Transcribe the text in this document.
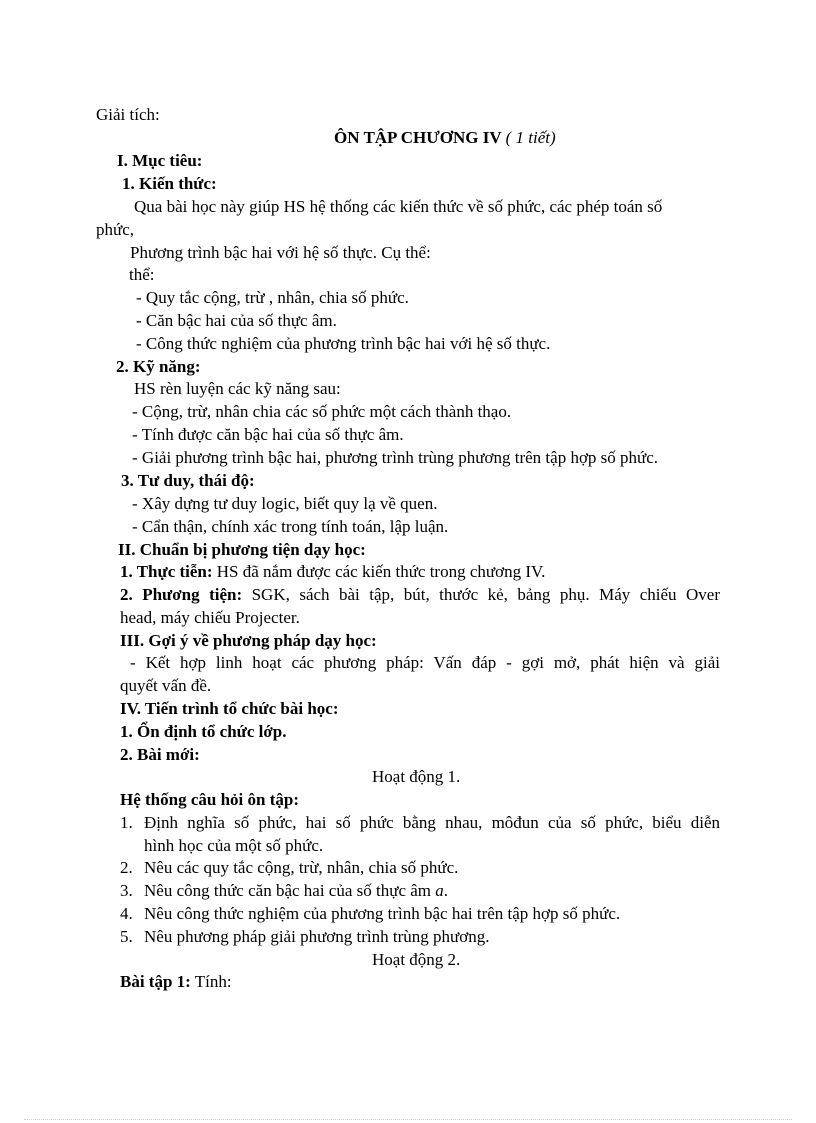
Giải tích:
ÔN TẬP CHƯƠNG IV ( 1 tiết)
I. Mục tiêu:
1. Kiến thức:
Qua bài học này giúp HS hệ thống các kiến thức về số phức, các phép toán số
phức,
Phương trình bậc hai với hệ số thực. Cụ thể:
thể:
- Quy tắc cộng, trừ , nhân, chia số phức.
- Căn bậc hai của số thực âm.
- Công thức nghiệm của phương trình bậc hai với hệ số thực.
2. Kỹ năng:
HS rèn luyện các kỹ năng sau:
- Cộng, trừ, nhân chia các số phức một cách thành thạo.
- Tính được căn bậc hai của số thực âm.
- Giải phương trình bậc hai, phương trình trùng phương trên tập hợp số phức.
3. Tư duy, thái độ:
- Xây dựng tư duy logic, biết quy lạ về quen.
- Cẩn thận, chính xác trong tính toán, lập luận.
II. Chuẩn bị phương tiện dạy học:
1. Thực tiễn: HS đã nắm được các kiến thức trong chương IV.
2. Phương tiện: SGK, sách bài tập, bút, thước kẻ, bảng phụ. Máy chiếu Over
head, máy chiếu Projecter.
III. Gợi ý về phương pháp dạy học:
- Kết hợp linh hoạt các phương pháp: Vấn đáp - gợi mở, phát hiện và giải
quyết vấn đề.
IV. Tiến trình tổ chức bài học:
1. Ổn định tổ chức lớp.
2. Bài mới:
Hoạt động 1.
Hệ thống câu hỏi ôn tập:
1. Định nghĩa số phức, hai số phức bằng nhau, môđun của số phức, biểu diễn
hình học của một số phức.
2. Nêu các quy tắc cộng, trừ, nhân, chia số phức.
3. Nêu công thức căn bậc hai của số thực âm a.
4. Nêu công thức nghiệm của phương trình bậc hai trên tập hợp số phức.
5. Nêu phương pháp giải phương trình trùng phương.
Hoạt động 2.
Bài tập 1: Tính:
